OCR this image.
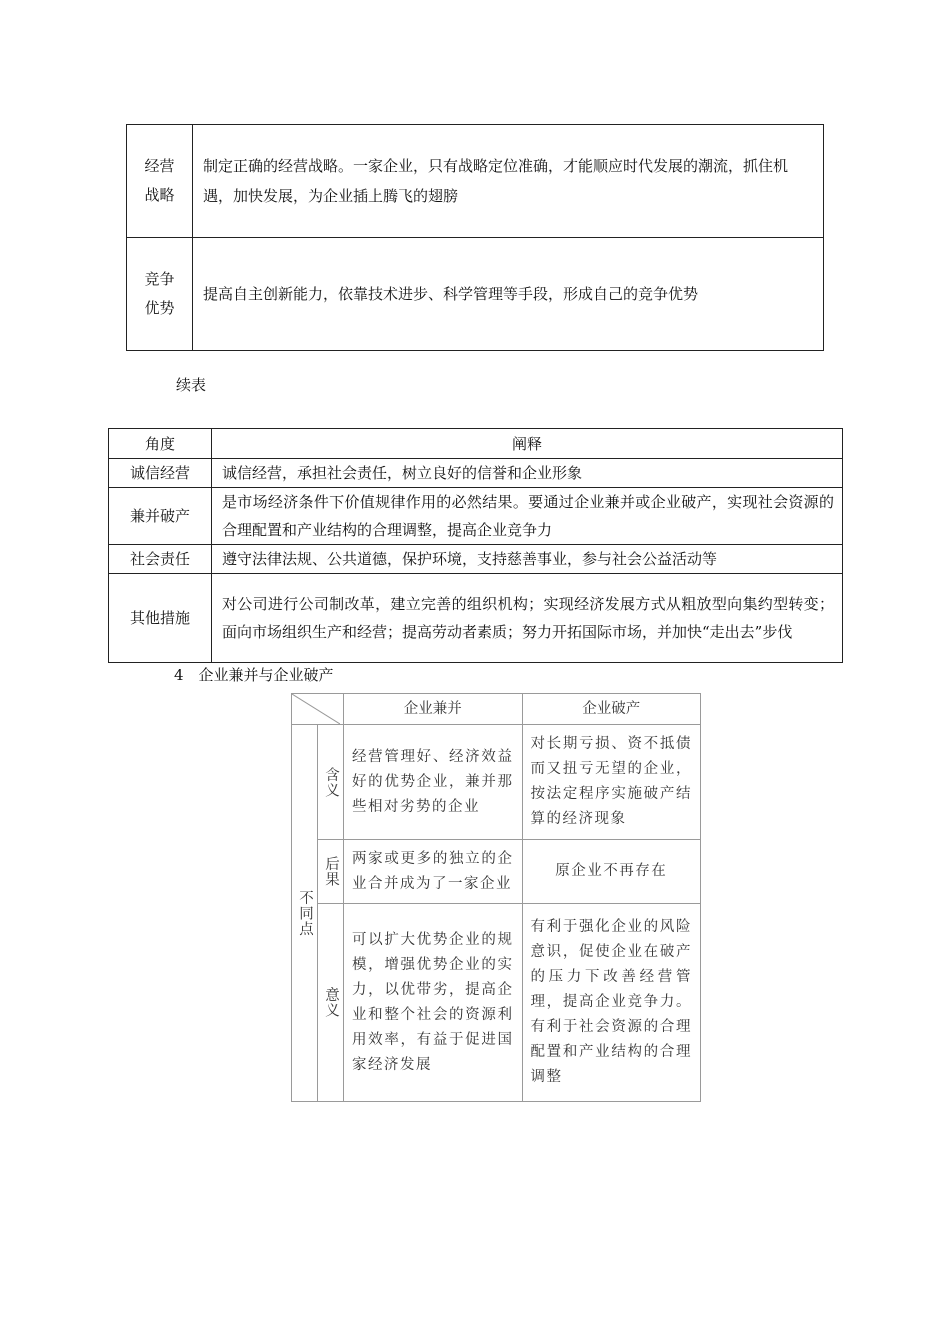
经营
战略	制定正确的经营战略。一家企业，只有战略定位准确，才能顺应时代发展的潮流，抓住机遇，加快发展，为企业插上腾飞的翅膀
竞争
优势	提高自主创新能力，依靠技术进步、科学管理等手段，形成自己的竞争优势
续表
角度	阐释
诚信经营	诚信经营，承担社会责任，树立良好的信誉和企业形象
兼并破产	是市场经济条件下价值规律作用的必然结果。要通过企业兼并或企业破产，实现社会资源的合理配置和产业结构的合理调整，提高企业竞争力
社会责任	遵守法律法规、公共道德，保护环境，支持慈善事业，参与社会公益活动等
其他措施	对公司进行公司制改革，建立完善的组织机构；实现经济发展方式从粗放型向集约型转变；面向市场组织生产和经营；提高劳动者素质；努力开拓国际市场，并加快“走出去”步伐
4　企业兼并与企业破产
	企业兼并	企业破产

不同点	含义	经营管理好、经济效益好的优势企业，兼并那些相对劣势的企业	对长期亏损、资不抵债而又扭亏无望的企业，按法定程序实施破产结算的经济现象

	后果	两家或更多的独立的企业合并成为了一家企业	原企业不再存在

	意义	可以扩大优势企业的规模，增强优势企业的实力，以优带劣，提高企业和整个社会的资源利用效率，有益于促进国家经济发展	有利于强化企业的风险意识，促使企业在破产的压力下改善经营管理，提高企业竞争力。有利于社会资源的合理配置和产业结构的合理调整
